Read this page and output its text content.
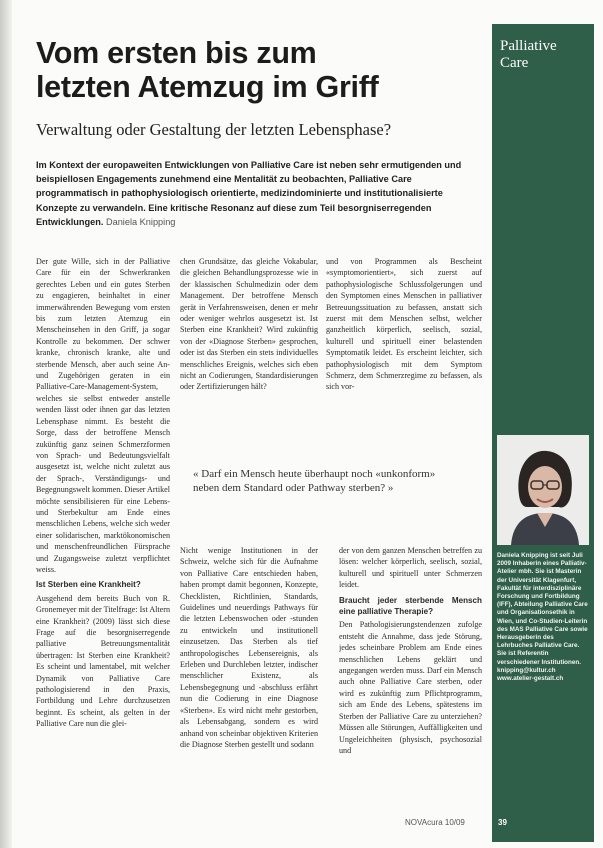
Palliative
Care
Vom ersten bis zum
letzten Atemzug im Griff
Verwaltung oder Gestaltung der letzten Lebensphase?
Im Kontext der europaweiten Entwicklungen von Palliative Care ist neben sehr ermutigenden und beispiellosen Engagements zunehmend eine Mentalität zu beobachten, Palliative Care programmatisch in pathophysiologisch orientierte, medizindominierte und institutionalisierte Konzepte zu verwandeln. Eine kritische Resonanz auf diese zum Teil besorgniserregenden Entwicklungen. Daniela Knipping

Der gute Wille, sich in der Palliative Care für ein der Schwerkranken gerechtes Leben und ein gutes Sterben zu engagieren, beinhaltet in einer immerwährenden Bewegung vom ersten bis zum letzten Atemzug ein Menscheinsehen in den Griff, ja sogar Kontrolle zu bekommen. Der schwer kranke, chronisch kranke, alte und sterbende Mensch, aber auch seine An- und Zugehörigen geraten in ein Palliative-Care-Management-System, welches sie selbst entweder anstelle wenden lässt oder ihnen gar das letzten Lebensphase nimmt. Es besteht die Sorge, dass der betroffene Mensch zukünftig ganz seinen Schmerzformen von Sprach- und Bedeutungsvielfalt ausgesetzt ist, welche nicht zuletzt aus der Sprach-, Verständigungs- und Begegnungswelt kommen. Dieser Artikel möchte sensibilisieren für eine Lebens- und Sterbekultur am Ende eines menschlichen Lebens, welche sich weder einer solidarischen, marktökonomischen und menschenfreundlichen Fürsprache und Zugangsweise zuletzt verpflichtet weiss.

Ist Sterben eine Krankheit?

Ausgehend dem bereits Buch von R. Gronemeyer mit der Titelfrage: Ist Altern eine Krankheit? (2009) lässt sich diese Frage auf die besorgniserregende palliative Betreuungsmentalität übertragen: Ist Sterben eine Krankheit? Es scheint und lamentabel, mit welcher Dynamik von Palliative Care pathologisierend in den Praxis, Fortbildung und Lehre durchzusetzen beginnt. Es scheint, als gelten in der Palliative Care nun die glei-

chen Grundsätze, das gleiche Vokabular, die gleichen Behandlungsprozesse wie in der klassischen Schulmedizin oder dem Management. Der betroffene Mensch gerät in Verfahrensweisen, denen er mehr oder weniger wehrlos ausgesetzt ist. Ist Sterben eine Krankheit? Wird zukünftig von der «Diagnose Sterben» gesprochen, oder ist das Sterben ein stets individuelles menschliches Ereignis, welches sich eben nicht an Codierungen, Standardisierungen oder Zertifizierungen hält?

und von Programmen als Bescheint «symptomorientiert», sich zuerst auf pathophysiologische Schlussfolgerungen und den Symptomen eines Menschen in palliativer Betreuungssituation zu befassen, anstatt sich zuerst mit dem Menschen selbst, welcher ganzheitlich körperlich, seelisch, sozial, kulturell und spirituell einer belastenden Symptomatik leidet. Es erscheint leichter, sich pathophysiologisch mit dem Symptom Schmerz, dem Schmerzregime zu befassen, als sich vor-

« Darf ein Mensch heute überhaupt noch «unkonform» neben dem Standard oder Pathway sterben? »

Nicht wenige Institutionen in der Schweiz, welche sich für die Aufnahme von Palliative Care entschieden haben, haben prompt damit begonnen, Konzepte, Checklisten, Richtlinien, Standards, Guidelines und neuerdings Pathways für die letzten Lebenswochen oder -stunden zu entwickeln und institutionell einzusetzen. Das Sterben als tief anthropologisches Lebensereignis, als Erleben und Durchleben letzter, indischer menschlicher Existenz, als Lebensbegegnung und -abschluss erfährt nun die Codierung in eine Diagnose «Sterben». Es wird nicht mehr gestorben, als Lebensabgang, sondern es wird anhand von scheinbar objektiven Kriterien die Diagnose Sterben gestellt und sodann

der von dem ganzen Menschen betreffen zu lösen: welcher körperlich, seelisch, sozial, kulturell und spirituell unter Schmerzen leidet.

Braucht jeder sterbende Mensch eine palliative Therapie?

Den Pathologisierungstendenzen zufolge entsteht die Annahme, dass jede Störung, jedes scheinbare Problem am Ende eines menschlichen Lebens geklärt und angegangen werden muss. Darf ein Mensch auch ohne Palliative Care sterben, oder wird es zukünftig zum Pflichtprogramm, sich am Ende des Lebens, spätestens im Sterben der Palliative Care zu unterziehen? Müssen alle Störungen, Auffälligkeiten und Ungeleichheiten (physisch, psychosozial und

Daniela Knipping ist seit Juli 2009 Inhaberin eines Palliativ-Atelier mbh. Sie ist Masterin der Universität Klagenfurt, Fakultät für interdisziplinäre Forschung und Fortbildung (IFF), Abteilung Palliative Care und Organisationsethik in Wien, und Co-Studien-Leiterin des MAS Palliative Care sowie Herausgeberin des Lehrbuches Palliative Care. Sie ist Referentin verschiedener Institutionen. knipping@kultur.ch www.atelier-gestalt.ch
NOVAcura 10/09	39
